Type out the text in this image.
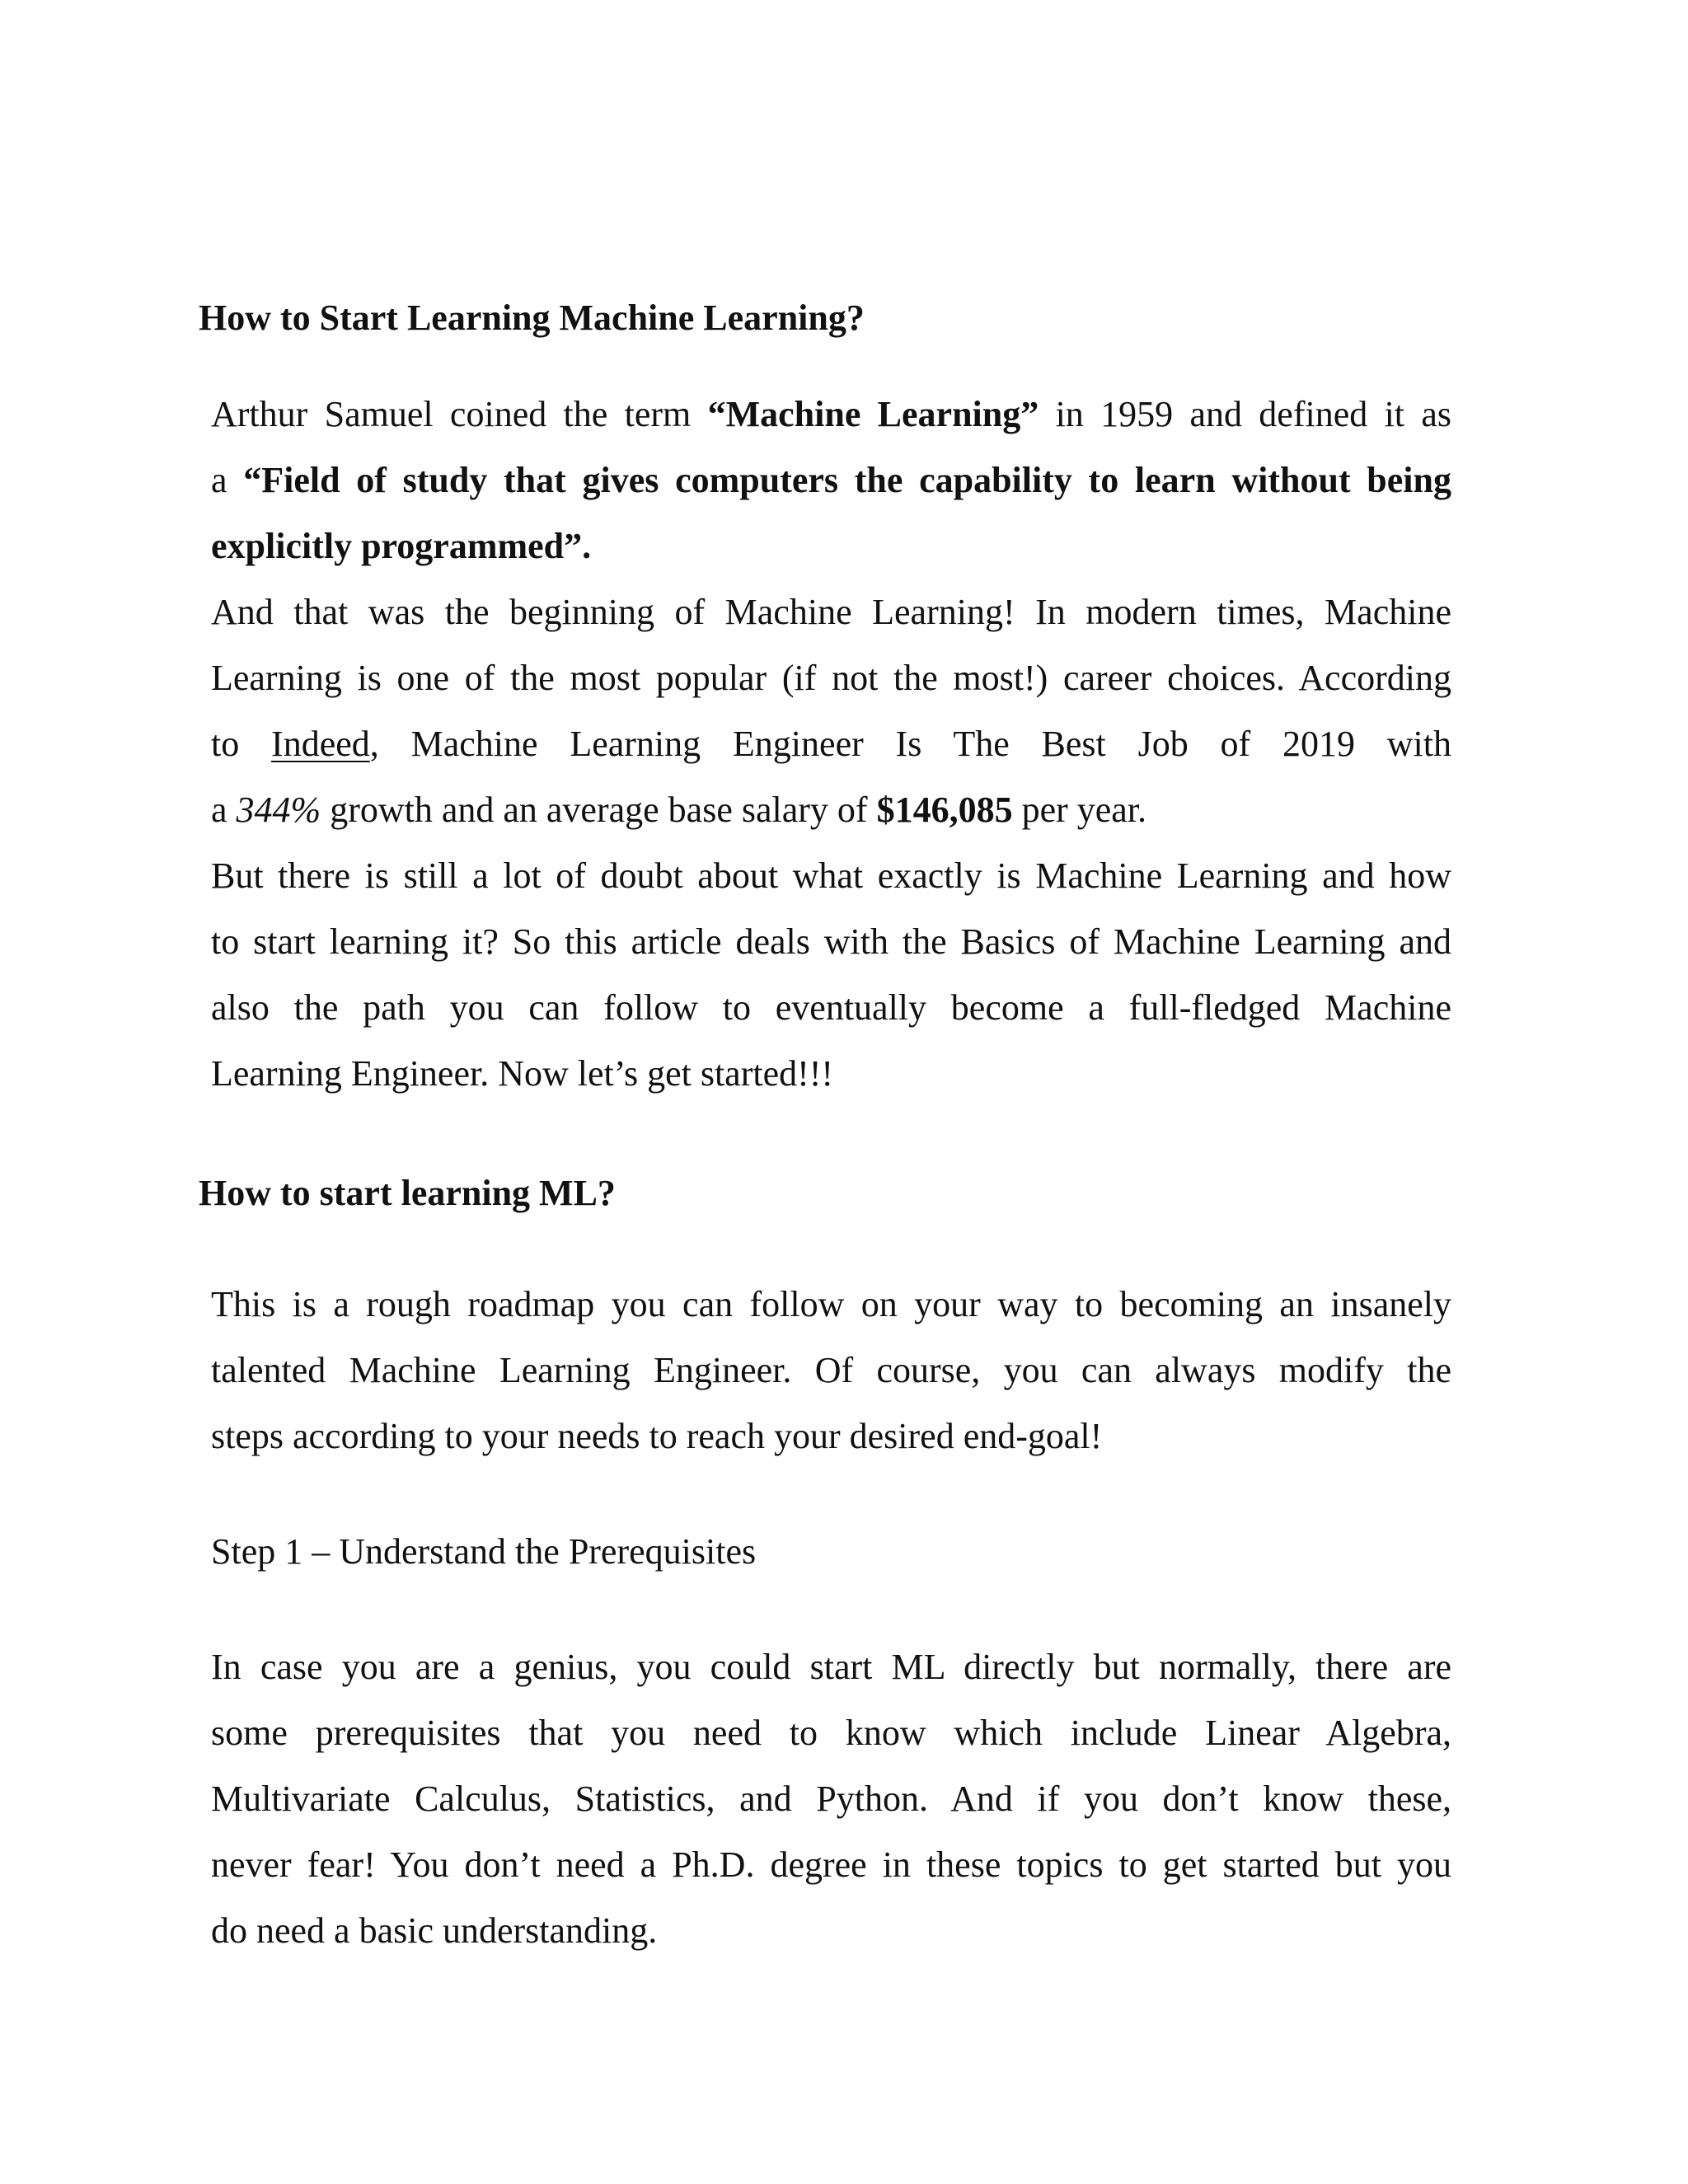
How to Start Learning Machine Learning?
Arthur Samuel coined the term “Machine Learning” in 1959 and defined it as
a “Field of study that gives computers the capability to learn without being
explicitly programmed”.
And that was the beginning of Machine Learning! In modern times, Machine
Learning is one of the most popular (if not the most!) career choices. According
to Indeed, Machine Learning Engineer Is The Best Job of 2019 with
a 344% growth and an average base salary of $146,085 per year.
But there is still a lot of doubt about what exactly is Machine Learning and how
to start learning it? So this article deals with the Basics of Machine Learning and
also the path you can follow to eventually become a full-fledged Machine
Learning Engineer. Now let’s get started!!!
How to start learning ML?
This is a rough roadmap you can follow on your way to becoming an insanely
talented Machine Learning Engineer. Of course, you can always modify the
steps according to your needs to reach your desired end-goal!
Step 1 – Understand the Prerequisites
In case you are a genius, you could start ML directly but normally, there are
some prerequisites that you need to know which include Linear Algebra,
Multivariate Calculus, Statistics, and Python. And if you don’t know these,
never fear! You don’t need a Ph.D. degree in these topics to get started but you
do need a basic understanding.
